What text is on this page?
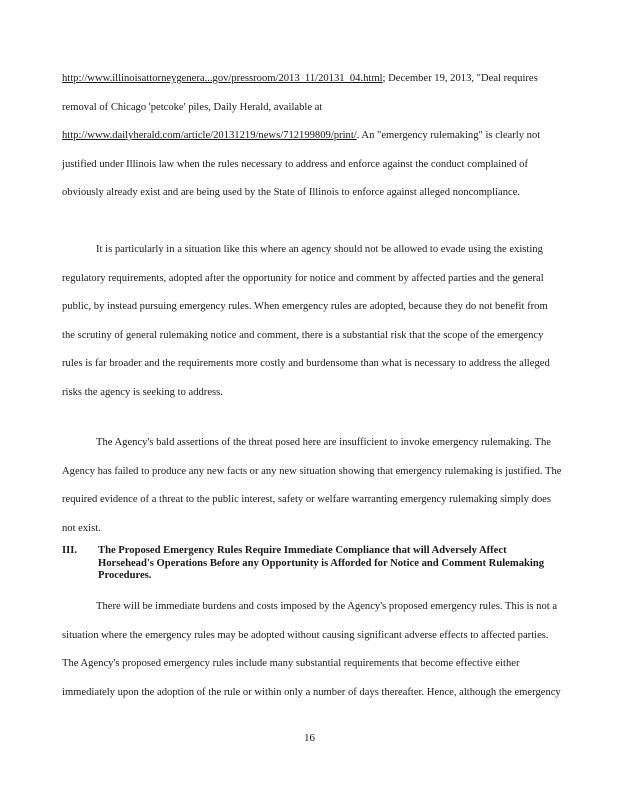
http://www.illinoisattorneygenera...gov/pressroom/2013_11/20131_04.html; December 19, 2013, "Deal requires removal of Chicago 'petcoke' piles, Daily Herald, available at http://www.dailyherald.com/article/20131219/news/712199809/print/. An "emergency rulemaking" is clearly not justified under Illinois law when the rules necessary to address and enforce against the conduct complained of obviously already exist and are being used by the State of Illinois to enforce against alleged noncompliance.

It is particularly in a situation like this where an agency should not be allowed to evade using the existing regulatory requirements, adopted after the opportunity for notice and comment by affected parties and the general public, by instead pursuing emergency rules. When emergency rules are adopted, because they do not benefit from the scrutiny of general rulemaking notice and comment, there is a substantial risk that the scope of the emergency rules is far broader and the requirements more costly and burdensome than what is necessary to address the alleged risks the agency is seeking to address.

The Agency's bald assertions of the threat posed here are insufficient to invoke emergency rulemaking. The Agency has failed to produce any new facts or any new situation showing that emergency rulemaking is justified. The required evidence of a threat to the public interest, safety or welfare warranting emergency rulemaking simply does not exist.

III.	The Proposed Emergency Rules Require Immediate Compliance that will Adversely Affect Horsehead's Operations Before any Opportunity is Afforded for Notice and Comment Rulemaking Procedures.

There will be immediate burdens and costs imposed by the Agency's proposed emergency rules. This is not a situation where the emergency rules may be adopted without causing significant adverse effects to affected parties. The Agency's proposed emergency rules include many substantial requirements that become effective either immediately upon the adoption of the rule or within only a number of days thereafter. Hence, although the emergency

16
